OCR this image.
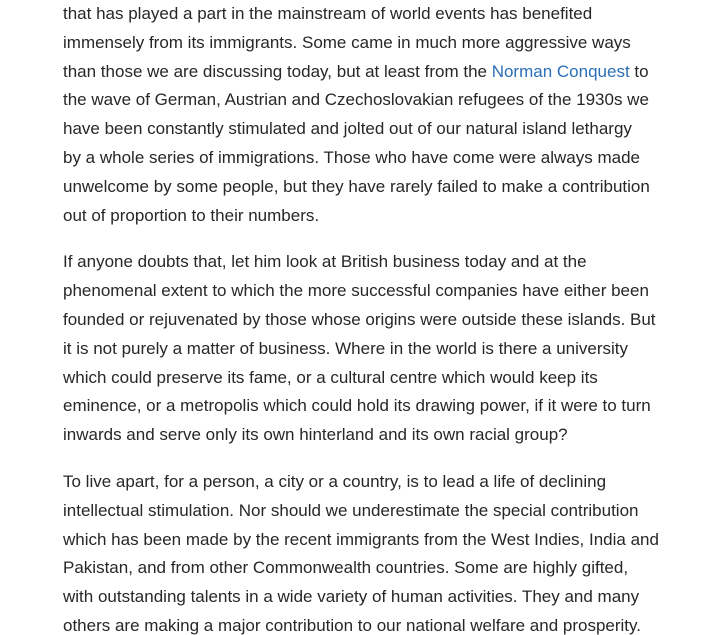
that has played a part in the mainstream of world events has benefited
immensely from its immigrants. Some came in much more aggressive ways
than those we are discussing today, but at least from the Norman Conquest to
the wave of German, Austrian and Czechoslovakian refugees of the 1930s we
have been constantly stimulated and jolted out of our natural island lethargy
by a whole series of immigrations. Those who have come were always made
unwelcome by some people, but they have rarely failed to make a contribution
out of proportion to their numbers.

If anyone doubts that, let him look at British business today and at the
phenomenal extent to which the more successful companies have either been
founded or rejuvenated by those whose origins were outside these islands. But
it is not purely a matter of business. Where in the world is there a university
which could preserve its fame, or a cultural centre which would keep its
eminence, or a metropolis which could hold its drawing power, if it were to turn
inwards and serve only its own hinterland and its own racial group?

To live apart, for a person, a city or a country, is to lead a life of declining
intellectual stimulation. Nor should we underestimate the special contribution
which has been made by the recent immigrants from the West Indies, India and
Pakistan, and from other Commonwealth countries. Some are highly gifted,
with outstanding talents in a wide variety of human activities. They and many
others are making a major contribution to our national welfare and prosperity.
